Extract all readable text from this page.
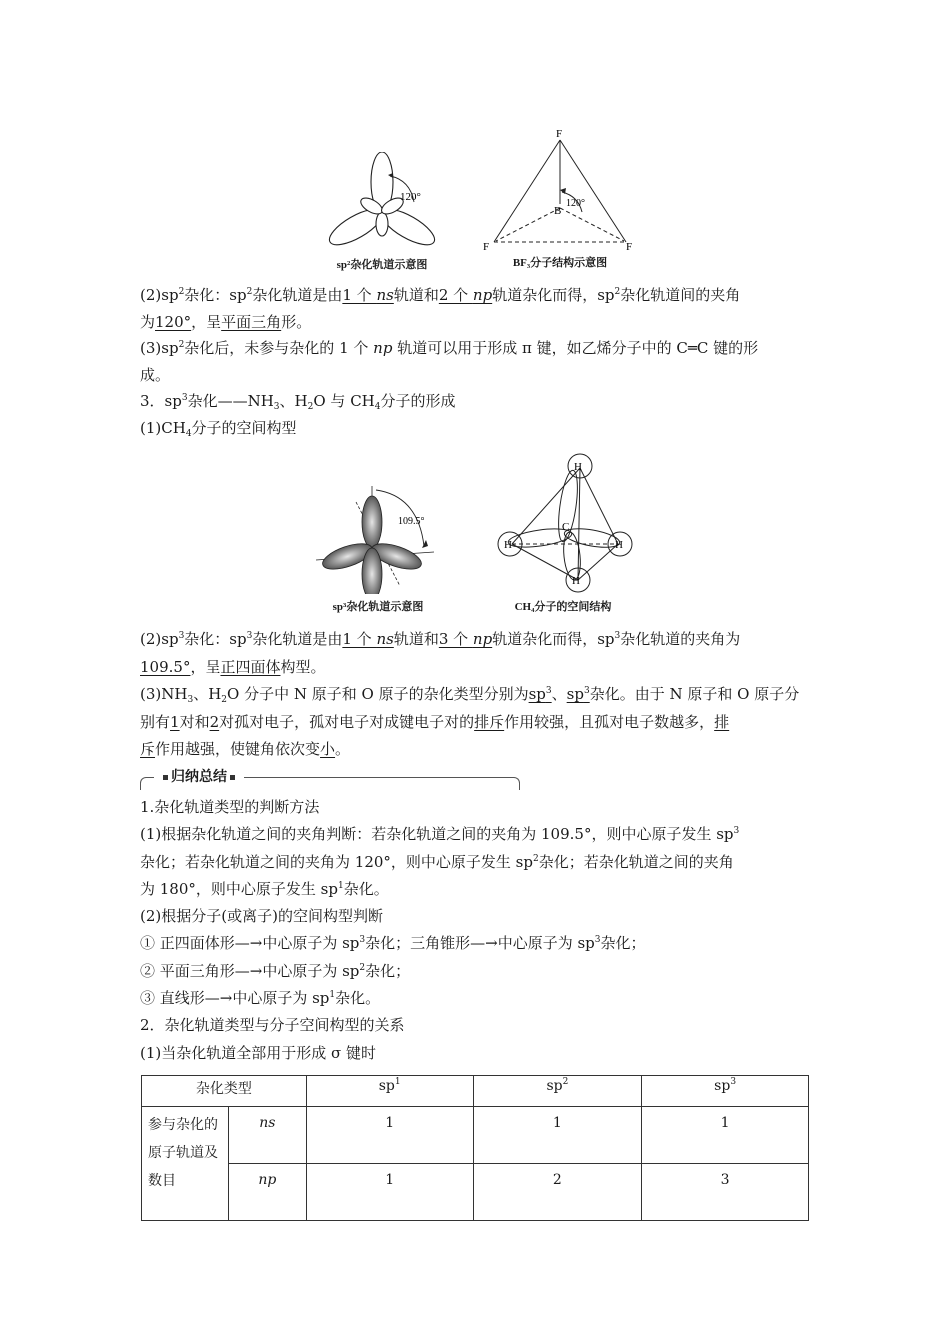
120°
sp²杂化轨道示意图
F
F	F
B
120°
BF₃分子结构示意图

$(2)sp^2$杂化：$sp^2$杂化轨道是由1 个 ns轨道和2 个 np轨道杂化而得，$sp^2$杂化轨道间的夹角
为120°，呈平面三角形。

$(3)sp^2$杂化后，未参与杂化的 1 个 np 轨道可以用于形成 π 键，如乙烯分子中的 C═C 键的形
成。

3．$sp^3$杂化$——NH_3$、$H_2O$ 与 $CH_4$分子的形成

$(1)CH_4$分子的空间构型

109.5°
sp³杂化轨道示意图
H
H	H
H
C
CH₄分子的空间结构

$(2)sp^3$杂化：$sp^3$杂化轨道是由1 个 ns轨道和3 个 np轨道杂化而得，$sp^3$杂化轨道的夹角为
109.5°，呈正四面体构型。

$(3)NH_3$、$H_2O$ 分子中 N 原子和 O 原子的杂化类型分别为$sp^3$、$sp^3$杂化。由于 N 原子和 O 原子分
别有1对和2对孤对电子，孤对电子对成键电子对的排斥作用较强，且孤对电子数越多，排
斥作用越强，使键角依次变小。

归纳总结

1.杂化轨道类型的判断方法

(1)根据杂化轨道之间的夹角判断：若杂化轨道之间的夹角为 109.5°，则中心原子发生 $sp^3$
杂化；若杂化轨道之间的夹角为 120°，则中心原子发生 $sp^2$杂化；若杂化轨道之间的夹角
为 180°，则中心原子发生 $sp^1$杂化。

(2)根据分子(或离子)的空间构型判断

① 正四面体形—→中心原子为 $sp^3$杂化；三角锥形—→中心原子为 $sp^3$杂化；

② 平面三角形—→中心原子为 $sp^2$杂化；

③ 直线形—→中心原子为 $sp^1$杂化。

2．杂化轨道类型与分子空间构型的关系

(1)当杂化轨道全部用于形成 σ 键时

杂化类型		$sp^1$	$sp^2$	$sp^3$
参与杂化的原子轨道及数目	ns	1	1	1
	np	1	2	3
